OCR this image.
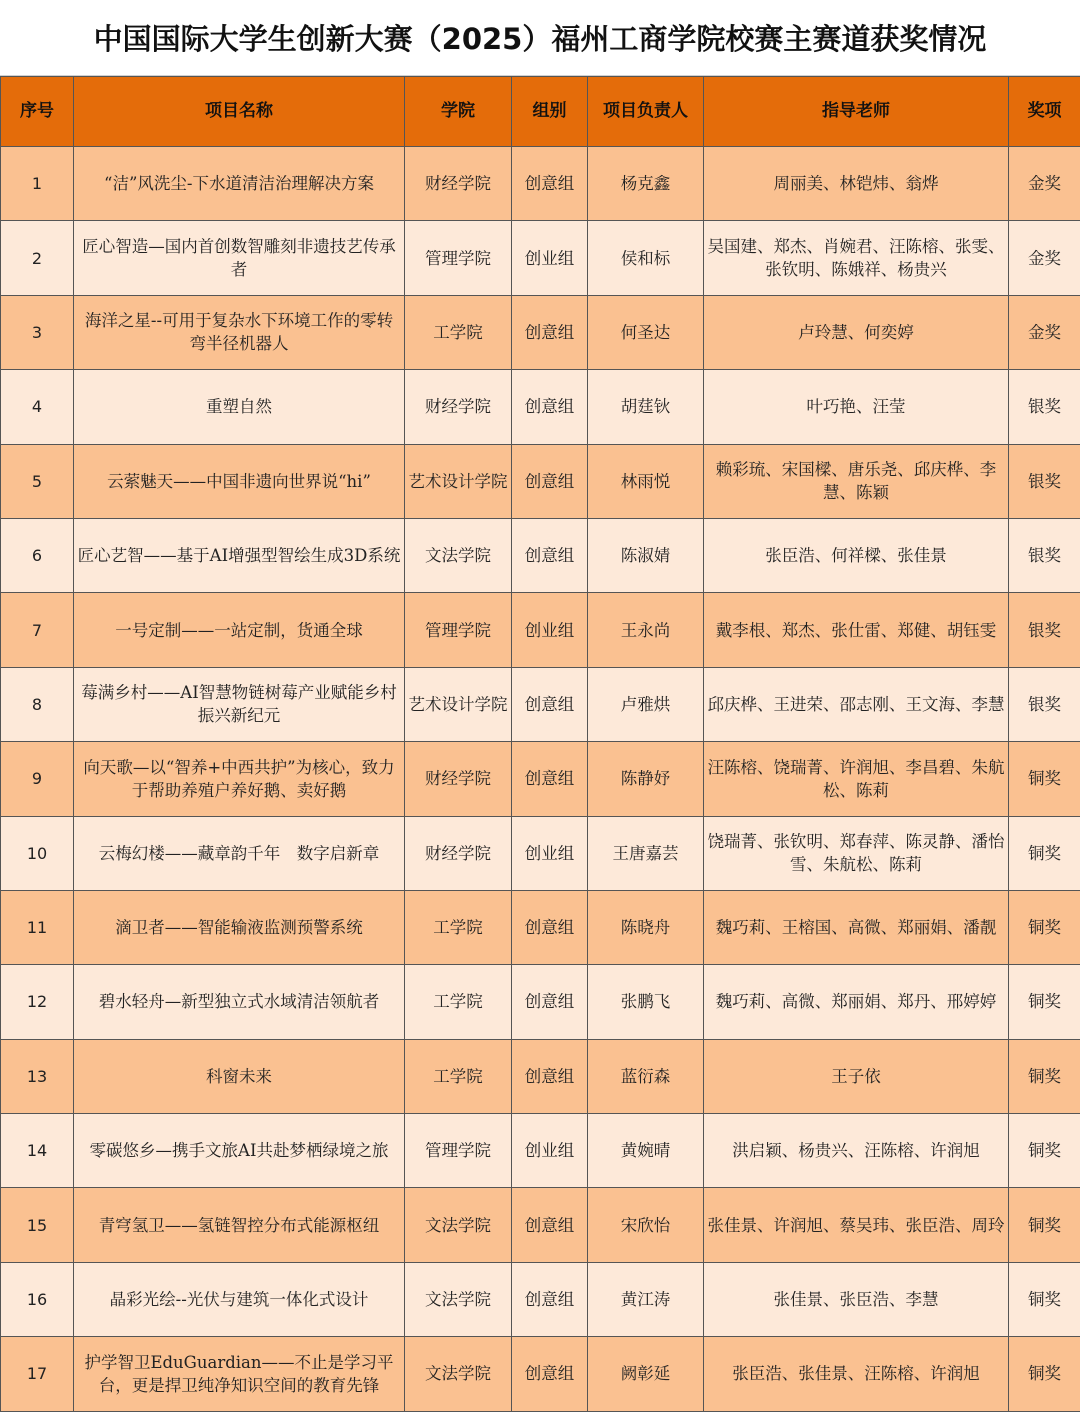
中国国际大学生创新大赛（2025）福州工商学院校赛主赛道获奖情况
序号	项目名称	学院	组别	项目负责人	指导老师	奖项
1	“洁”风洗尘-下水道清洁治理解决方案	财经学院	创意组	杨克鑫	周丽美、林铠炜、翁烨	金奖
2	匠心智造—国内首创数智雕刻非遗技艺传承者	管理学院	创业组	侯和标	吴国建、郑杰、肖婉君、汪陈榕、张雯、张钦明、陈娥祥、杨贵兴	金奖
3	海洋之星--可用于复杂水下环境工作的零转弯半径机器人	工学院	创意组	何圣达	卢玲慧、何奕婷	金奖
4	重塑自然	财经学院	创意组	胡莛钬	叶巧艳、汪莹	银奖
5	云萦魅天——中国非遗向世界说“hi”	艺术设计学院	创意组	林雨悦	赖彩琉、宋国樑、唐乐尧、邱庆桦、李慧、陈颖	银奖
6	匠心艺智——基于AI增强型智绘生成3D系统	文法学院	创意组	陈淑婧	张臣浩、何祥樑、张佳景	银奖
7	一号定制——一站定制，货通全球	管理学院	创业组	王永尚	戴李根、郑杰、张仕雷、郑健、胡钰雯	银奖
8	莓满乡村——AI智慧物链树莓产业赋能乡村振兴新纪元	艺术设计学院	创意组	卢雅烘	邱庆桦、王进荣、邵志刚、王文海、李慧	银奖
9	向天歌—以“智养+中西共护”为核心，致力于帮助养殖户养好鹅、卖好鹅	财经学院	创意组	陈静妤	汪陈榕、饶瑞菁、许润旭、李昌碧、朱航松、陈莉	铜奖
10	云梅幻楼——藏章韵千年　数字启新章	财经学院	创业组	王唐嘉芸	饶瑞菁、张钦明、郑春萍、陈灵静、潘怡雪、朱航松、陈莉	铜奖
11	滴卫者——智能输液监测预警系统	工学院	创意组	陈晓舟	魏巧莉、王榕国、高微、郑丽娟、潘靓	铜奖
12	碧水轻舟—新型独立式水域清洁领航者	工学院	创意组	张鹏飞	魏巧莉、高微、郑丽娟、郑丹、邢婷婷	铜奖
13	科窗未来	工学院	创意组	蓝衍森	王子依	铜奖
14	零碳悠乡—携手文旅AI共赴梦栖绿境之旅	管理学院	创业组	黄婉晴	洪启颖、杨贵兴、汪陈榕、许润旭	铜奖
15	青穹氢卫——氢链智控分布式能源枢纽	文法学院	创意组	宋欣怡	张佳景、许润旭、蔡吴玮、张臣浩、周玲	铜奖
16	晶彩光绘--光伏与建筑一体化式设计	文法学院	创意组	黄江涛	张佳景、张臣浩、李慧	铜奖
17	护学智卫EduGuardian——不止是学习平台，更是捍卫纯净知识空间的教育先锋	文法学院	创意组	阙彰延	张臣浩、张佳景、汪陈榕、许润旭	铜奖
